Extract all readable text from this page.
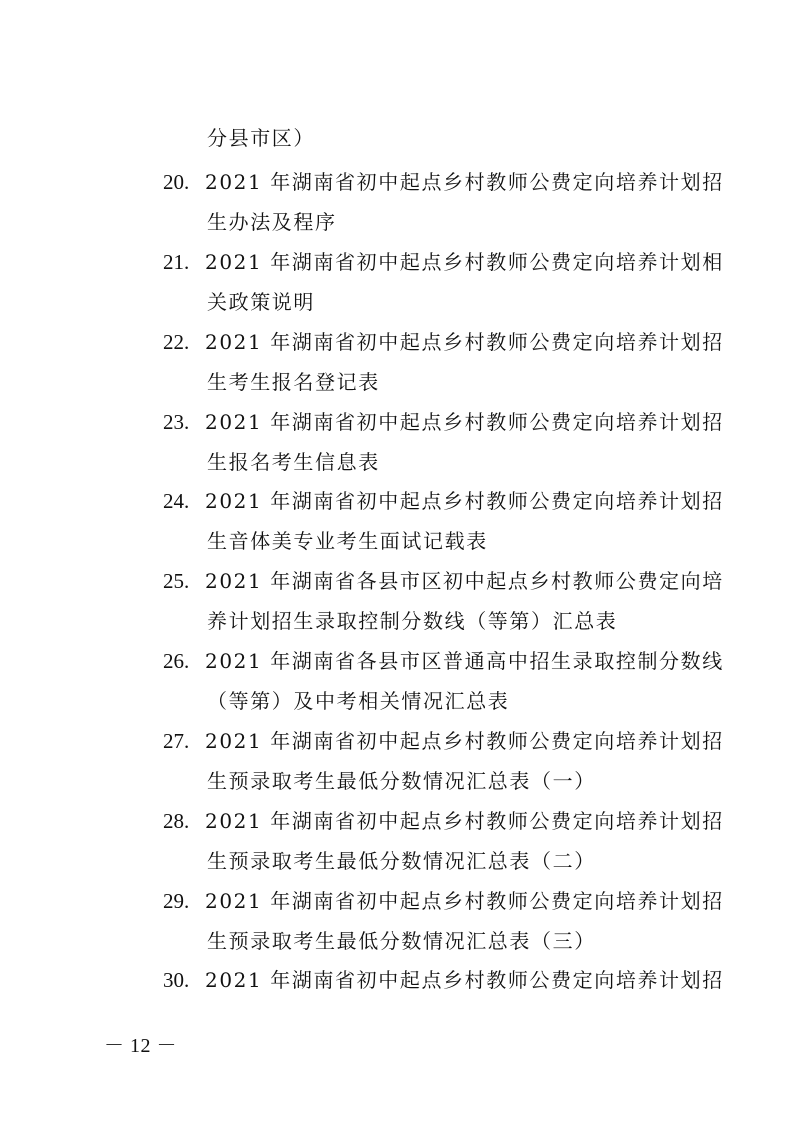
分县市区）
20. 2021 年湖南省初中起点乡村教师公费定向培养计划招
生办法及程序
21. 2021 年湖南省初中起点乡村教师公费定向培养计划相
关政策说明
22. 2021 年湖南省初中起点乡村教师公费定向培养计划招
生考生报名登记表
23. 2021 年湖南省初中起点乡村教师公费定向培养计划招
生报名考生信息表
24. 2021 年湖南省初中起点乡村教师公费定向培养计划招
生音体美专业考生面试记载表
25. 2021 年湖南省各县市区初中起点乡村教师公费定向培
养计划招生录取控制分数线（等第）汇总表
26. 2021 年湖南省各县市区普通高中招生录取控制分数线
（等第）及中考相关情况汇总表
27. 2021 年湖南省初中起点乡村教师公费定向培养计划招
生预录取考生最低分数情况汇总表（一）
28. 2021 年湖南省初中起点乡村教师公费定向培养计划招
生预录取考生最低分数情况汇总表（二）
29. 2021 年湖南省初中起点乡村教师公费定向培养计划招
生预录取考生最低分数情况汇总表（三）
30. 2021 年湖南省初中起点乡村教师公费定向培养计划招
－ 12 －
